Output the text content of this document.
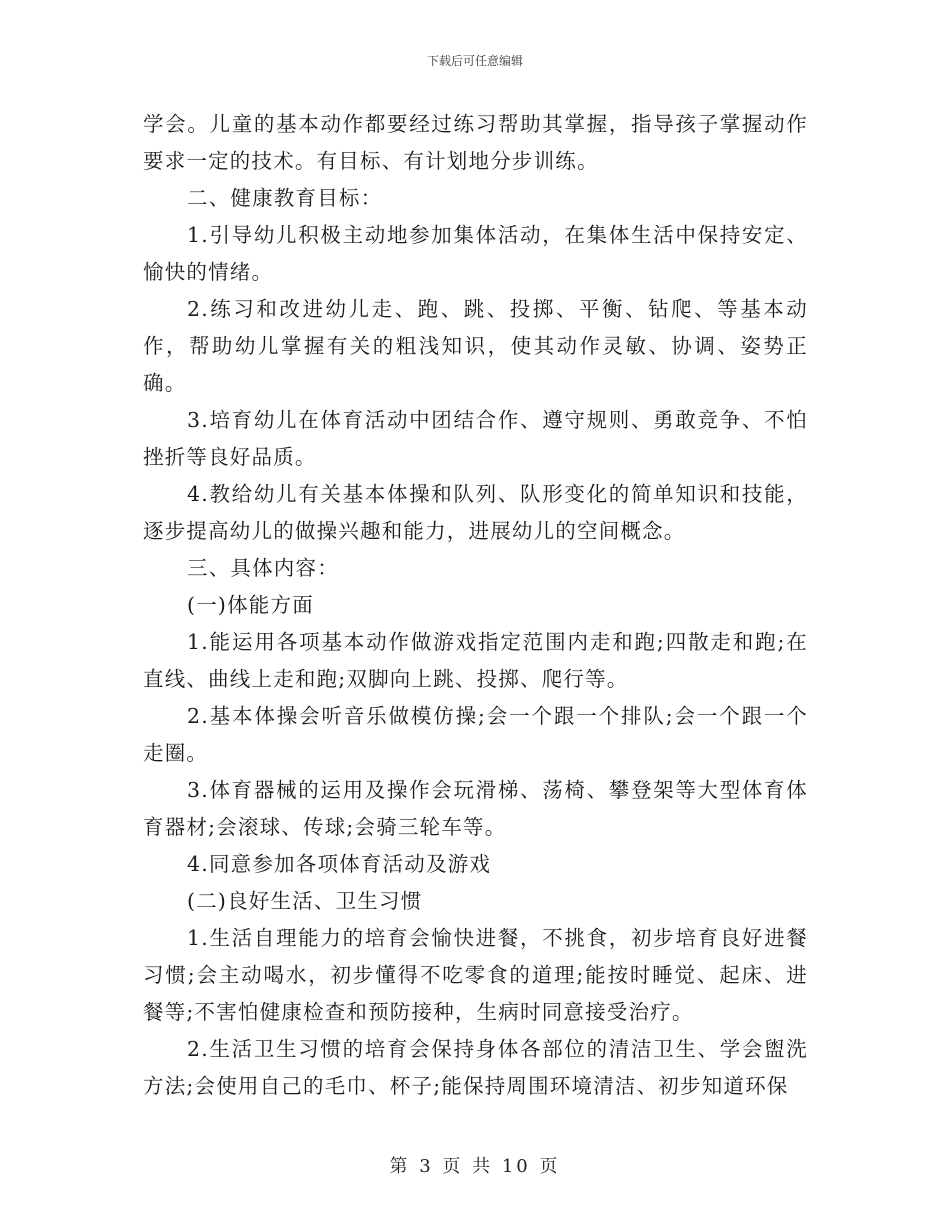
下载后可任意编辑

学会。儿童的基本动作都要经过练习帮助其掌握，指导孩子掌握动作要求一定的技术。有目标、有计划地分步训练。

二、健康教育目标：

1.引导幼儿积极主动地参加集体活动，在集体生活中保持安定、愉快的情绪。

2.练习和改进幼儿走、跑、跳、投掷、平衡、钻爬、等基本动作，帮助幼儿掌握有关的粗浅知识，使其动作灵敏、协调、姿势正确。

3.培育幼儿在体育活动中团结合作、遵守规则、勇敢竞争、不怕挫折等良好品质。

4.教给幼儿有关基本体操和队列、队形变化的简单知识和技能，逐步提高幼儿的做操兴趣和能力，进展幼儿的空间概念。

三、具体内容：

(一)体能方面

1.能运用各项基本动作做游戏指定范围内走和跑;四散走和跑;在直线、曲线上走和跑;双脚向上跳、投掷、爬行等。

2.基本体操会听音乐做模仿操;会一个跟一个排队;会一个跟一个走圈。

3.体育器械的运用及操作会玩滑梯、荡椅、攀登架等大型体育体育器材;会滚球、传球;会骑三轮车等。

4.同意参加各项体育活动及游戏

(二)良好生活、卫生习惯

1.生活自理能力的培育会愉快进餐，不挑食，初步培育良好进餐习惯;会主动喝水，初步懂得不吃零食的道理;能按时睡觉、起床、进餐等;不害怕健康检查和预防接种，生病时同意接受治疗。

2.生活卫生习惯的培育会保持身体各部位的清洁卫生、学会盥洗方法;会使用自己的毛巾、杯子;能保持周围环境清洁、初步知道环保

第 3 页 共 10 页
